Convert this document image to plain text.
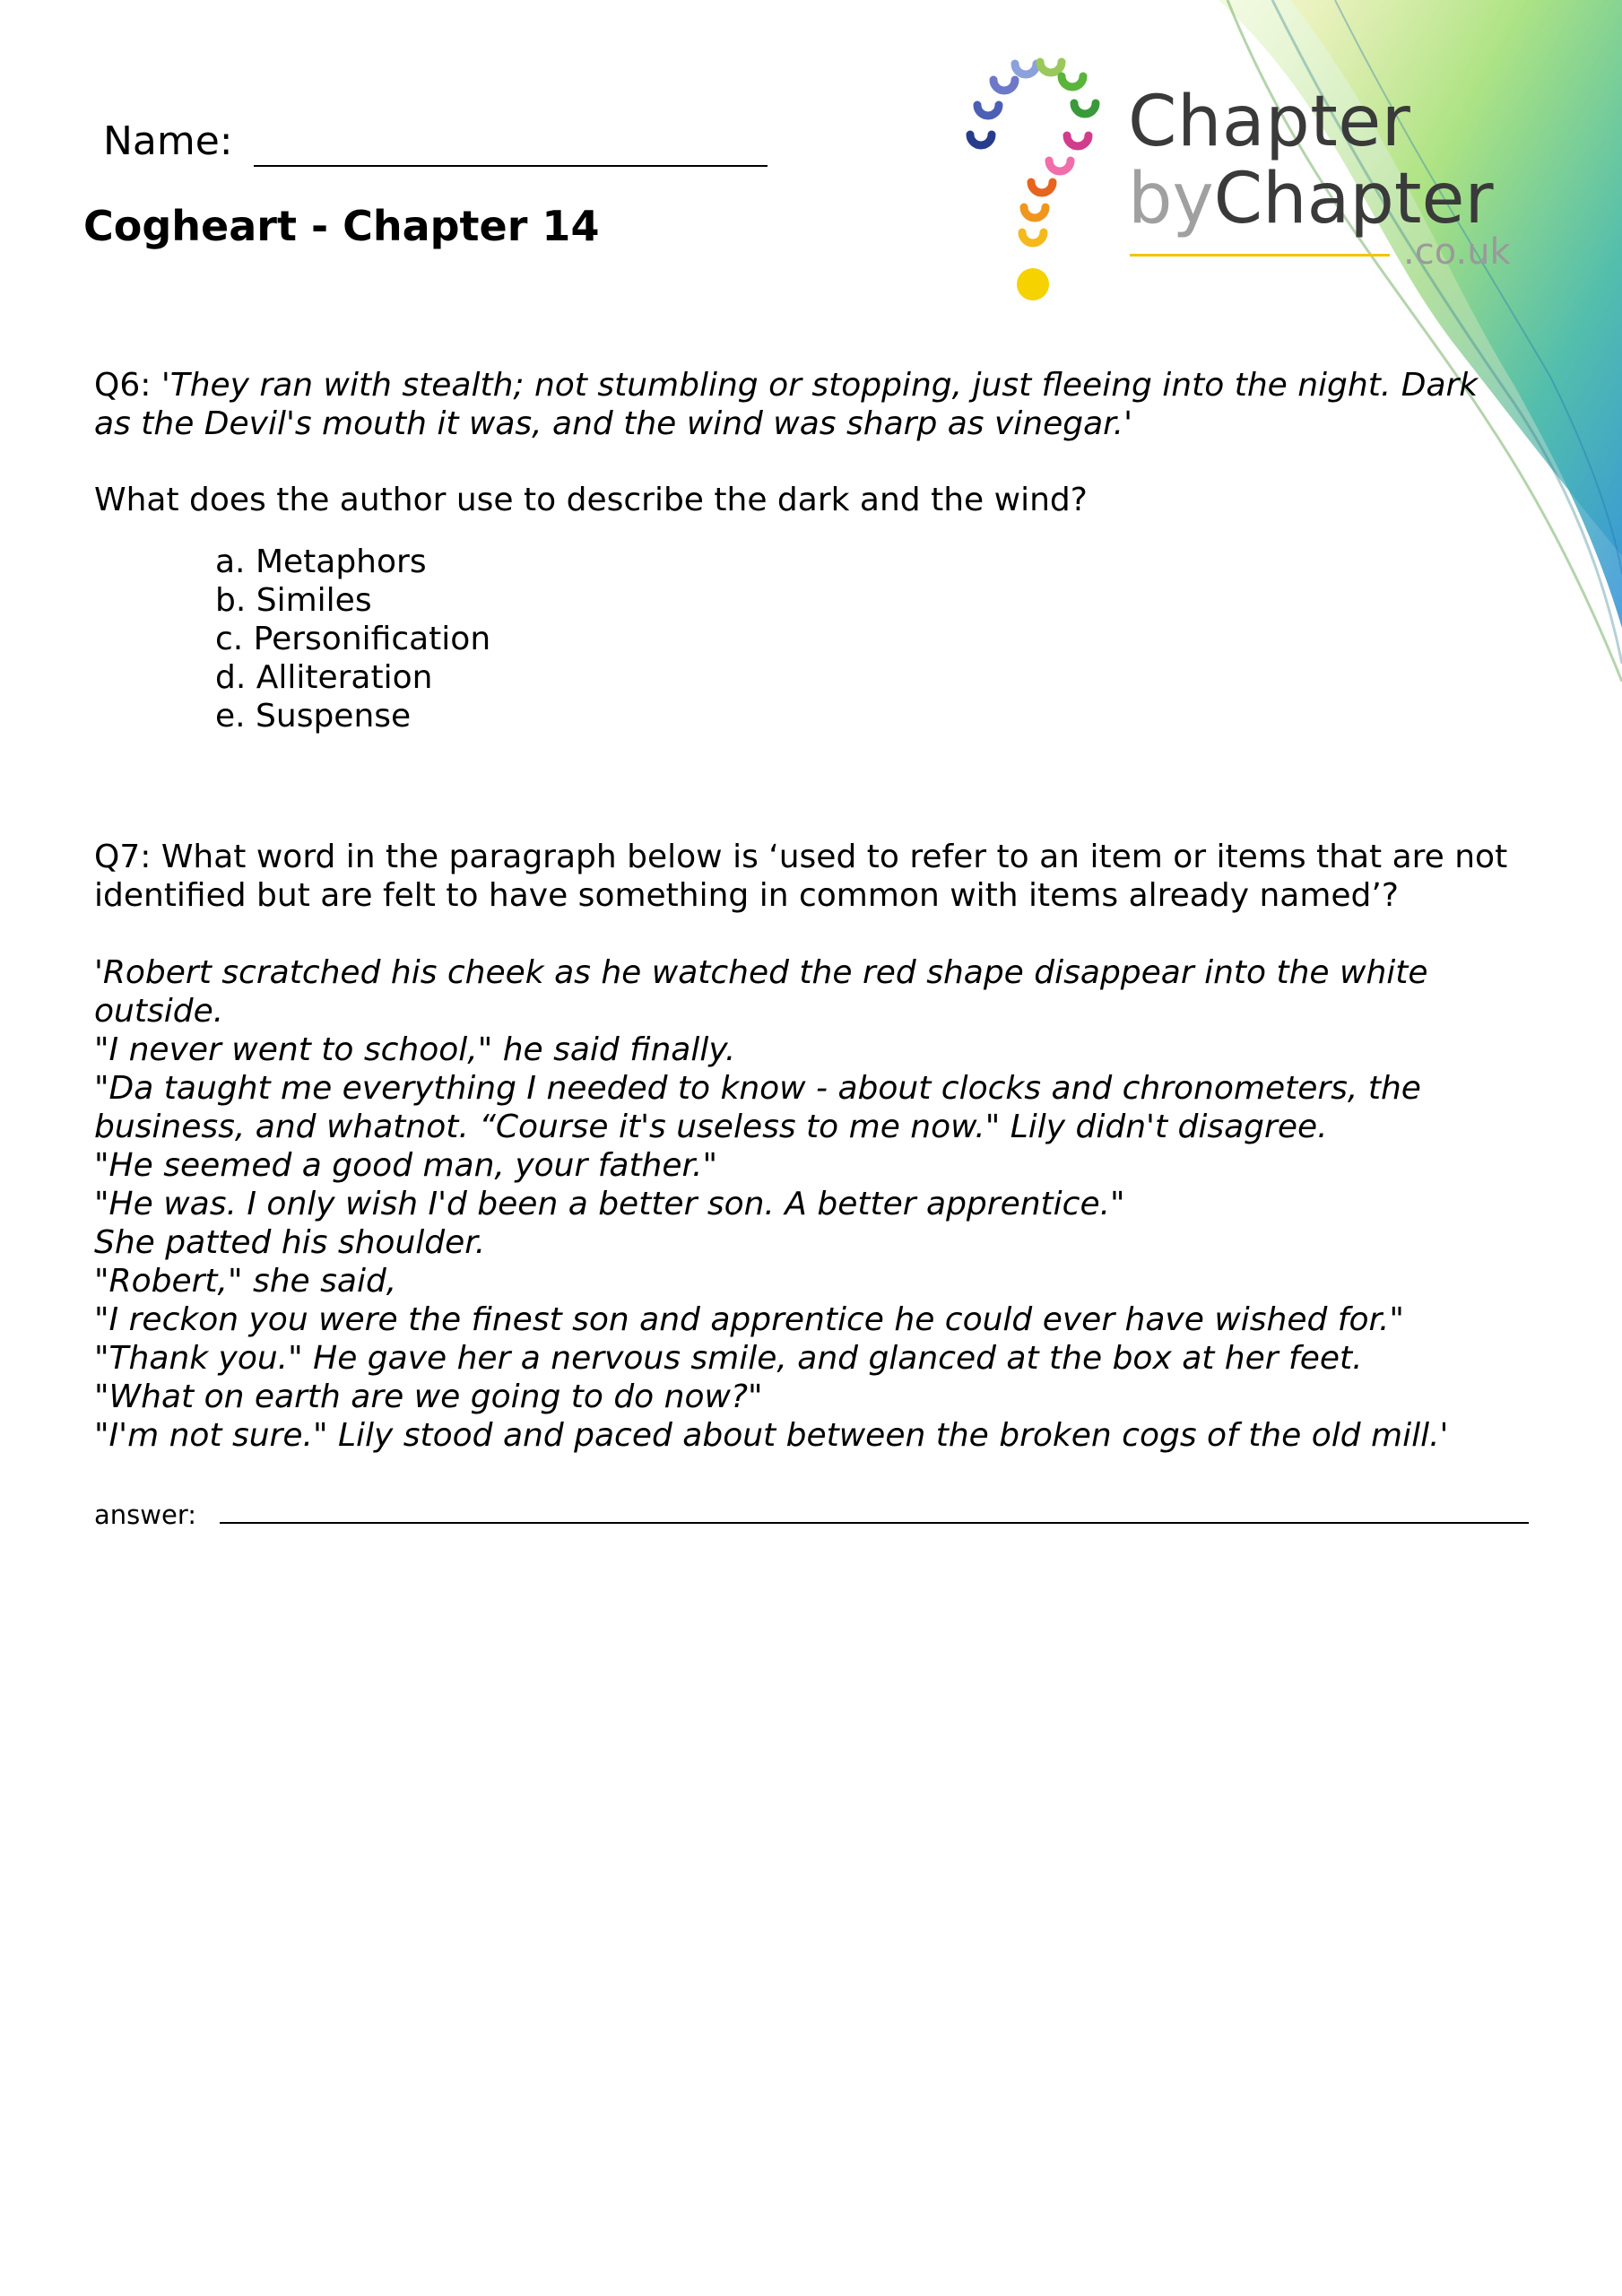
Chapter
byChapter
.co.uk
Name:
Cogheart - Chapter 14
Q6: 'They ran with stealth; not stumbling or stopping, just fleeing into the night. Dark
as the Devil's mouth it was, and the wind was sharp as vinegar.'
What does the author use to describe the dark and the wind?
a. Metaphors
b. Similes
c. Personification
d. Alliteration
e. Suspense
Q7: What word in the paragraph below is ‘used to refer to an item or items that are not
identified but are felt to have something in common with items already named’?
'Robert scratched his cheek as he watched the red shape disappear into the white
outside.
"I never went to school," he said finally.
"Da taught me everything I needed to know - about clocks and chronometers, the
business, and whatnot. “Course it's useless to me now." Lily didn't disagree.
"He seemed a good man, your father."
"He was. I only wish I'd been a better son. A better apprentice."
She patted his shoulder.
"Robert," she said,
"I reckon you were the finest son and apprentice he could ever have wished for."
"Thank you." He gave her a nervous smile, and glanced at the box at her feet.
"What on earth are we going to do now?"
"I'm not sure." Lily stood and paced about between the broken cogs of the old mill.'
answer:
